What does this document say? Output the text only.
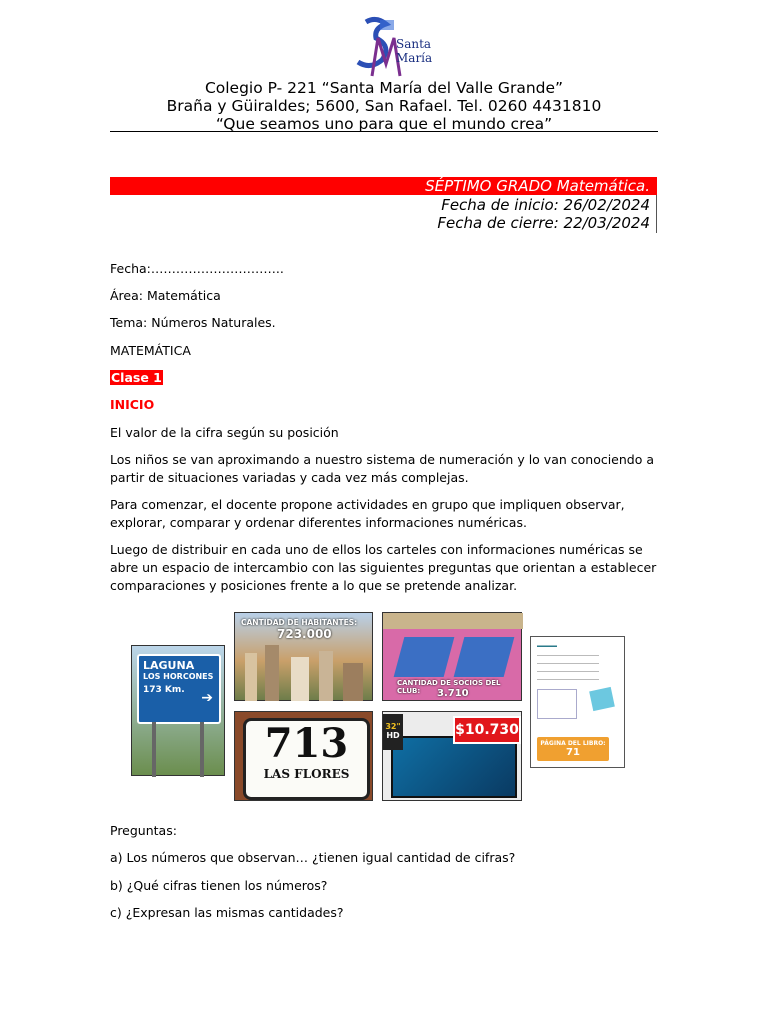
Santa
María
Colegio P- 221 “Santa María del Valle Grande”
Braña y Güiraldes; 5600, San Rafael. Tel. 0260 4431810
“Que seamos uno para que el mundo crea”
SÉPTIMO GRADO Matemática.
Fecha de inicio: 26/02/2024
Fecha de cierre: 22/03/2024
Fecha:…………………………..
Área: Matemática
Tema: Números Naturales.
MATEMÁTICA
Clase 1
INICIO
El valor de la cifra según su posición
Los niños se van aproximando a nuestro sistema de numeración y lo van conociendo a partir de situaciones variadas y cada vez más complejas.
Para comenzar, el docente propone actividades en grupo que impliquen observar, explorar, comparar y ordenar diferentes informaciones numéricas.
Luego de distribuir en cada uno de ellos los carteles con informaciones numéricas se abre un espacio de intercambio con las siguientes preguntas que orientan a establecer comparaciones y posiciones frente a lo que se pretende analizar.
LAGUNA
LOS HORCONES
173 Km.	➔
CANTIDAD DE HABITANTES:
723.000
CANTIDAD DE SOCIOS DEL CLUB:	3.710
▬▬▬▬
PÁGINA DEL LIBRO:
71
713
LAS FLORES
32"
HD	$10.730
Preguntas:
a) Los números que observan… ¿tienen igual cantidad de cifras?
b) ¿Qué cifras tienen los números?
c) ¿Expresan las mismas cantidades?
